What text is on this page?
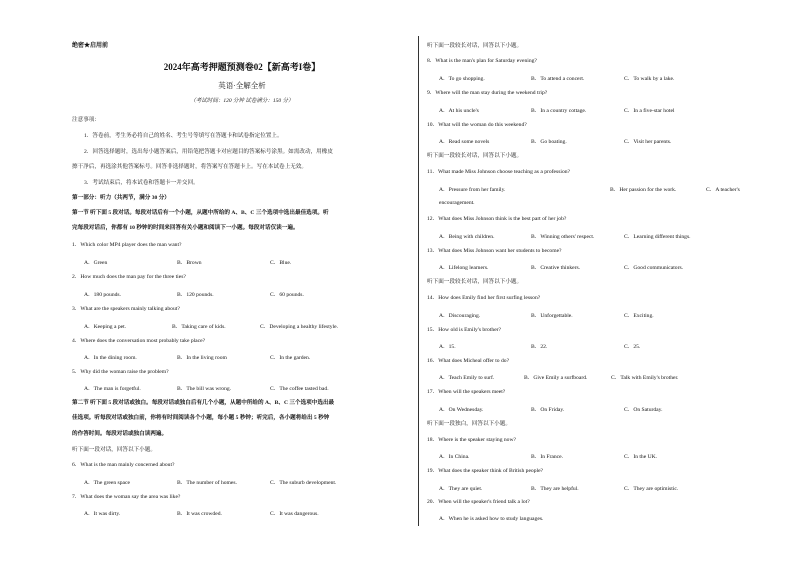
绝密★启用前
2024年高考押题预测卷02【新高考I卷】
英语·全解全析
（考试时间：120 分钟 试卷满分：150 分）
注意事项：
1．答卷前，考生务必将自己的姓名、考生号等填写在答题卡和试卷指定位置上。
2．回答选择题时，选出每小题答案后，用铅笔把答题卡对应题目的答案标号涂黑。如需改动，用橡皮
擦干净后，再选涂其他答案标号。回答非选择题时，将答案写在答题卡上。写在本试卷上无效。
3．考试结束后，将本试卷和答题卡一并交回。
第一部分：听力（共两节，满分 30 分）
第一节 听下面 5 段对话。每段对话后有一个小题，从题中所给的 A、B、C 三个选项中选出最佳选项。听
完每段对话后，你都有 10 秒钟的时间来回答有关小题和阅读下一小题。每段对话仅读一遍。
1．Which color MP4 player does the man want?
A．Green	B．Brown	C．Blue.
2．How much does the man pay for the three ties?
A．180 pounds.	B．120 pounds.	C．60 pounds.
3．What are the speakers mainly talking about?
A．Keeping a pet.	B．Taking care of kids.	C．Developing a healthy lifestyle.
4．Where does the conversation most probably take place?
A．In the dining room.	B．In the living room	C．In the garden.
5．Why did the woman raise the problem?
A．The man is forgetful.	B．The bill was wrong.	C．The coffee tasted bad.
第二节 听下面 5 段对话或独白。每段对话或独白后有几个小题，从题中所给的 A、B、C 三个选项中选出最
佳选项。听每段对话或独白前，你将有时间阅读各个小题，每小题 5 秒钟；听完后，各小题将给出 5 秒钟
的作答时间。每段对话或独白读两遍。
听下面一段对话，回答以下小题。
6．What is the man mainly concerned about?
A．The green space	B．The number of homes.	C．The suburb development.
7．What does the woman say the area was like?
A．It was dirty.	B．It was crowded.	C．It was dangerous.
听下面一段较长对话，回答以下小题。
8．What is the man's plan for Saturday evening?
A．To go shopping.	B．To attend a concert.	C．To walk by a lake.
9．Where will the man stay during the weekend trip?
A．At his uncle's	B．In a country cottage.	C．In a five-star hotel
10．What will the woman do this weekend?
A．Read some novels	B．Go boating.	C．Visit her parents.
听下面一段较长对话，回答以下小题。
11．What made Miss Johnson choose teaching as a profession?
A．Pressure from her family.	B．Her passion for the work.	C．A teacher's
encouragement.
12．What does Miss Johnson think is the best part of her job?
A．Being with children.	B．Winning others' respect.	C．Learning different things.
13．What does Miss Johnson want her students to become?
A．Lifelong learners.	B．Creative thinkers.	C．Good communicators.
听下面一段较长对话，回答以下小题。
14．How does Emily find her first surfing lesson?
A．Discouraging.	B．Unforgettable.	C．Exciting.
15．How old is Emily's brother?
A．15.	B．22.	C．25.
16．What does Micheal offer to do?
A．Teach Emily to surf.	B．Give Emily a surfboard.	C．Talk with Emily's brother.
17．When will the speakers meet?
A．On Wednesday.	B．On Friday.	C．On Saturday.
听下面一段独白，回答以下小题。
18．Where is the speaker staying now?
A．In China.	B．In France.	C．In the UK.
19．What does the speaker think of British people?
A．They are quiet.	B．They are helpful.	C．They are optimistic.
20．When will the speaker's friend talk a lot?
A．When he is asked how to study languages.
